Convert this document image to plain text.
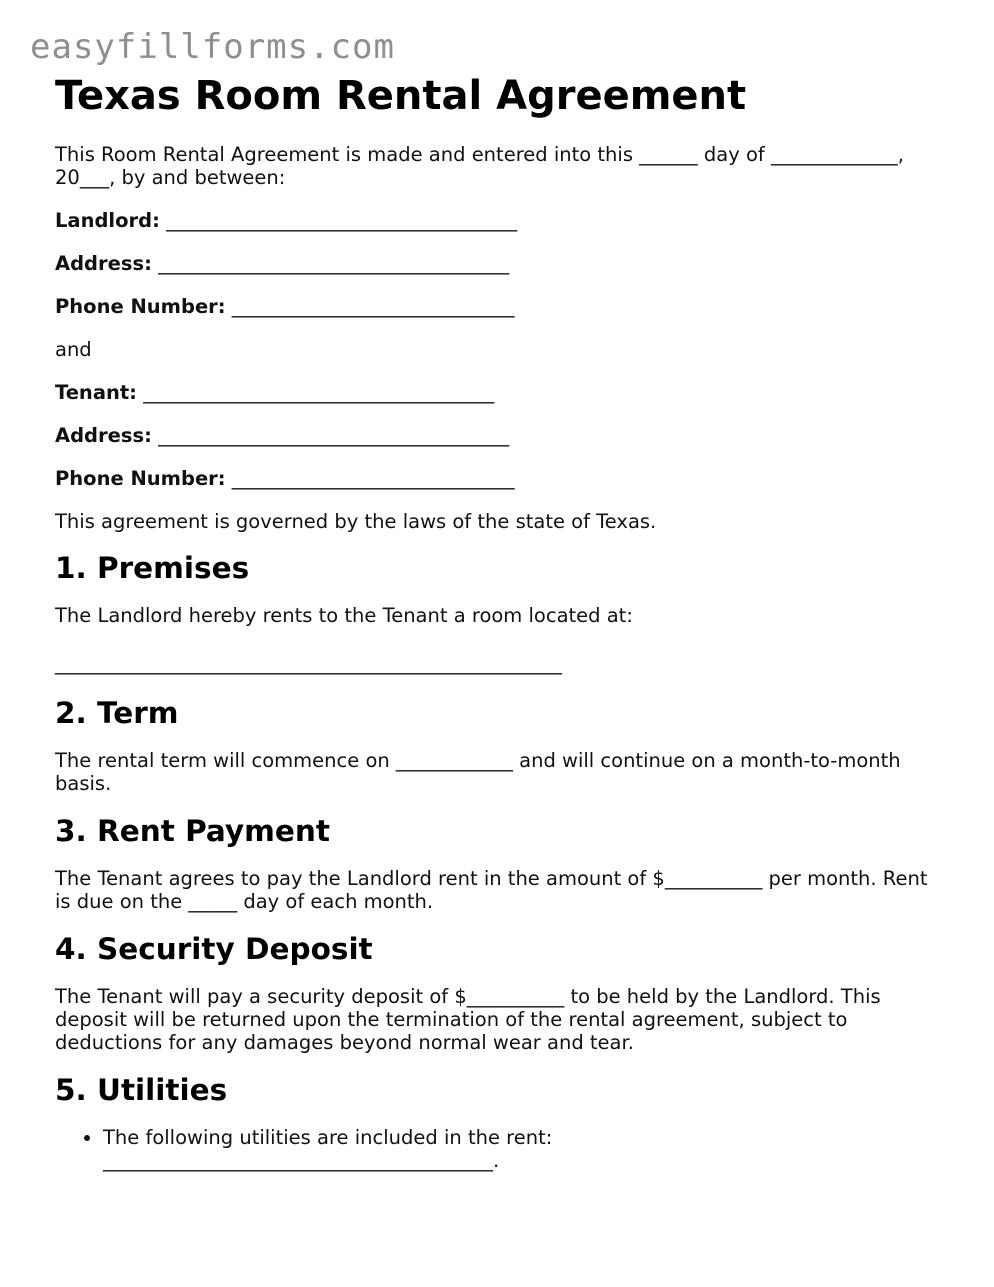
easyfillforms.com
Texas Room Rental Agreement

This Room Rental Agreement is made and entered into this ______ day of _____________, 20___, by and between:

Landlord: ____________________________________
Address: ____________________________________
Phone Number: _____________________________

and

Tenant: ____________________________________
Address: ____________________________________
Phone Number: _____________________________

This agreement is governed by the laws of the state of Texas.

1. Premises

The Landlord hereby rents to the Tenant a room located at:

____________________________________________________

2. Term

The rental term will commence on ____________ and will continue on a month-to-month basis.

3. Rent Payment

The Tenant agrees to pay the Landlord rent in the amount of $__________ per month. Rent is due on the _____ day of each month.

4. Security Deposit

The Tenant will pay a security deposit of $__________ to be held by the Landlord. This deposit will be returned upon the termination of the rental agreement, subject to deductions for any damages beyond normal wear and tear.

5. Utilities
• The following utilities are included in the rent: ________________________________________.
